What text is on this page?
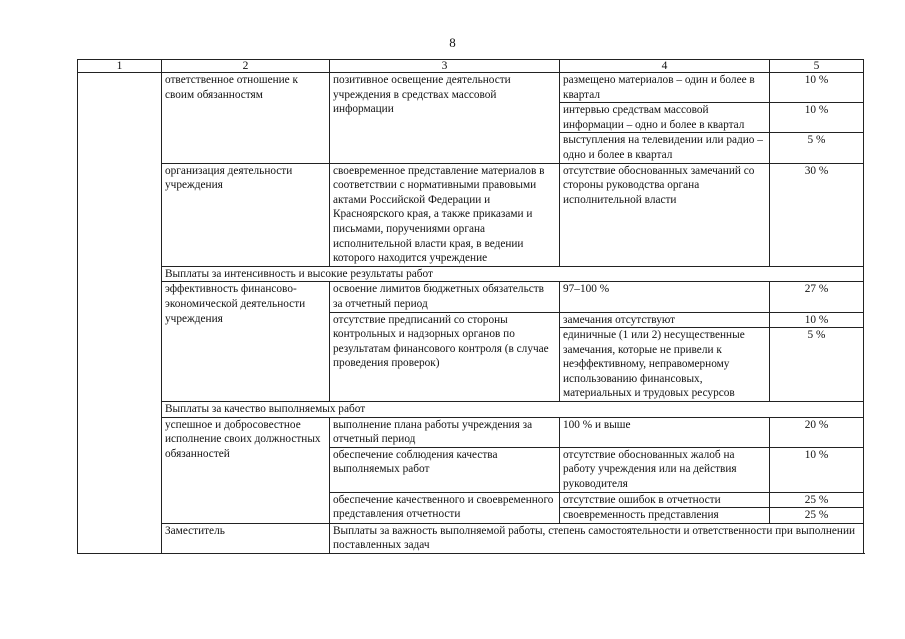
8
1	2	3	4	5
	ответственное отношение к своим обязанностям	позитивное освещение деятельности учреждения в средствах массовой информации	размещено материалов – один и более в квартал	10 %
			интервью средствам массовой информации – одно и более в квартал	10 %
			выступления на телевидении или радио – одно и более в квартал	5 %
	организация деятельности учреждения	своевременное представление материалов в соответствии с нормативными правовыми актами Российской Федерации и Красноярского края, а также приказами и письмами, поручениями органа исполнительной власти края, в ведении которого находится учреждение	отсутствие обоснованных замечаний со стороны руководства органа исполнительной власти	30 %
	Выплаты за интенсивность и высокие результаты работ			
	эффективность финансово-экономической деятельности учреждения	освоение лимитов бюджетных обязательств за отчетный период	97–100 %	27 %
		отсутствие предписаний со стороны контрольных и надзорных органов по результатам финансового контроля (в случае проведения проверок)	замечания отсутствуют	10 %
			единичные (1 или 2) несущественные замечания, которые не привели к неэффективному, неправомерному использованию финансовых, материальных и трудовых ресурсов	5 %
	Выплаты за качество выполняемых работ			
	успешное и добросовестное исполнение своих должностных обязанностей	выполнение плана работы учреждения за отчетный период	100 % и выше	20 %
		обеспечение соблюдения качества выполняемых работ	отсутствие обоснованных жалоб на работу учреждения или на действия руководителя	10 %
		обеспечение качественного и своевременного представления отчетности	отсутствие ошибок в отчетности	25 %
			своевременность представления	25 %
	Заместитель	Выплаты за важность выполняемой работы, степень самостоятельности и ответственности при выполнении поставленных задач		
